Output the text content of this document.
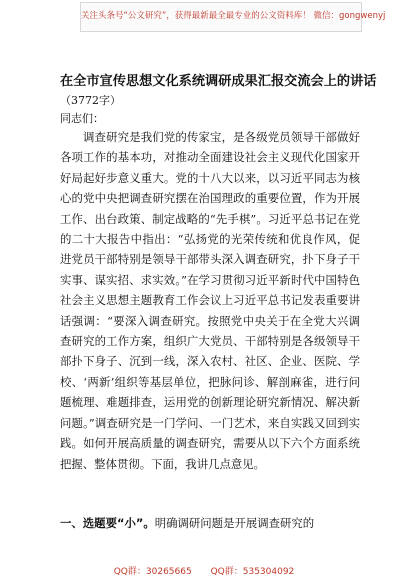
关注头条号“公文研究”，获得最新最全最专业的公文资料库！ 微信：gongwenyj
在全市宣传思想文化系统调研成果汇报交流会上的讲话
（3772字）
同志们：
调查研究是我们党的传家宝，是各级党员领导干部做好各项工作的基本功，对推动全面建设社会主义现代化国家开好局起好步意义重大。党的十八大以来，以习近平同志为核心的党中央把调查研究摆在治国理政的重要位置，作为开展工作、出台政策、制定战略的“先手棋”。习近平总书记在党的二十大报告中指出：“弘扬党的光荣传统和优良作风，促进党员干部特别是领导干部带头深入调查研究，扑下身子干实事、谋实招、求实效。”在学习贯彻习近平新时代中国特色社会主义思想主题教育工作会议上习近平总书记发表重要讲话强调：“要深入调查研究。按照党中央关于在全党大兴调查研究的工作方案，组织广大党员、干部特别是各级领导干部扑下身子、沉到一线，深入农村、社区、企业、医院、学校、‘两新’组织等基层单位，把脉问诊、解剖麻雀，进行问题梳理、难题排查，运用党的创新理论研究新情况、解决新问题。”调查研究是一门学问、一门艺术，来自实践又回到实践。如何开展高质量的调查研究，需要从以下六个方面系统把握、整体贯彻。下面，我讲几点意见。
一、选题要“小”。明确调研问题是开展调查研究的
QQ群：30265665 QQ群：535304092
